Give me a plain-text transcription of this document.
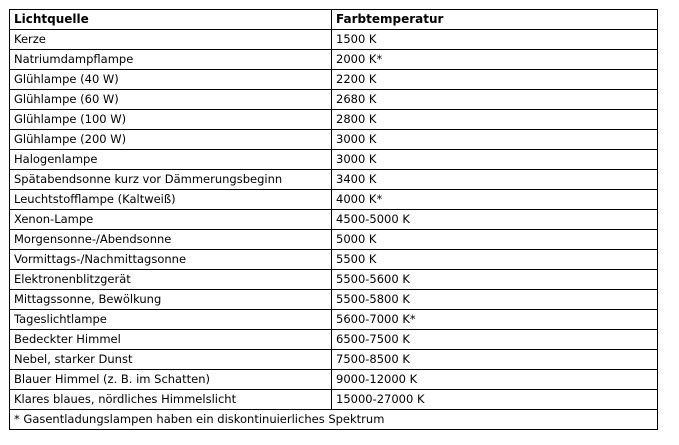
Lichtquelle	Farbtemperatur
Kerze	1500 K
Natriumdampflampe	2000 K*
Glühlampe (40 W)	2200 K
Glühlampe (60 W)	2680 K
Glühlampe (100 W)	2800 K
Glühlampe (200 W)	3000 K
Halogenlampe	3000 K
Spätabendsonne kurz vor Dämmerungsbeginn	3400 K
Leuchtstofflampe (Kaltweiß)	4000 K*
Xenon-Lampe	4500-5000 K
Morgensonne-/Abendsonne	5000 K
Vormittags-/Nachmittagsonne	5500 K
Elektronenblitzgerät	5500-5600 K
Mittagssonne, Bewölkung	5500-5800 K
Tageslichtlampe	5600-7000 K*
Bedeckter Himmel	6500-7500 K
Nebel, starker Dunst	7500-8500 K
Blauer Himmel (z. B. im Schatten)	9000-12000 K
Klares blaues, nördliches Himmelslicht	15000-27000 K
* Gasentladungslampen haben ein diskontinuierliches Spektrum	
